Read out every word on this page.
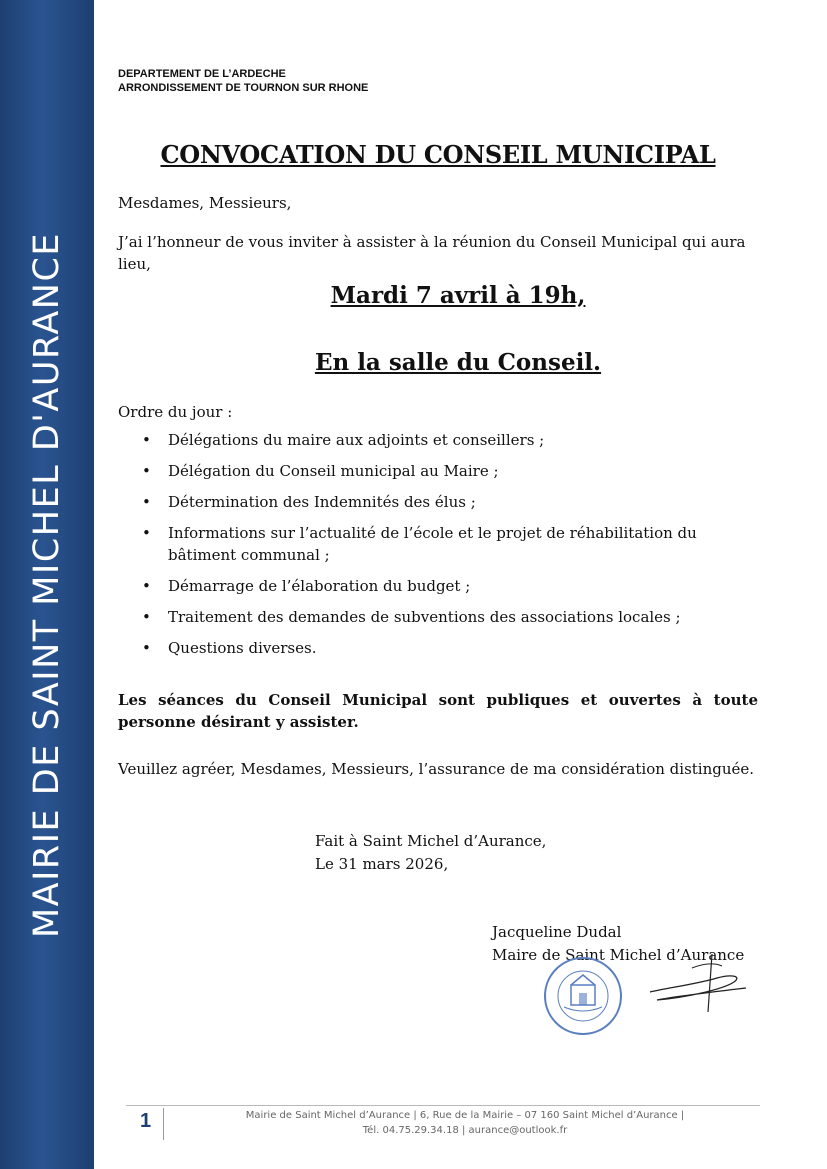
MAIRIE DE SAINT MICHEL D'AURANCE
DEPARTEMENT DE L’ARDECHE
ARRONDISSEMENT DE TOURNON SUR RHONE
CONVOCATION DU CONSEIL MUNICIPAL
Mesdames, Messieurs,
J’ai l’honneur de vous inviter à assister à la réunion du Conseil Municipal qui aura lieu,
Mardi 7 avril à 19h,
En la salle du Conseil.
Ordre du jour :
• Délégations du maire aux adjoints et conseillers ;
• Délégation du Conseil municipal au Maire ;
• Détermination des Indemnités des élus ;
• Informations sur l’actualité de l’école et le projet de réhabilitation du bâtiment communal ;
• Démarrage de l’élaboration du budget ;
• Traitement des demandes de subventions des associations locales ;
• Questions diverses.
Les séances du Conseil Municipal sont publiques et ouvertes à toute personne désirant y assister.
Veuillez agréer, Mesdames, Messieurs, l’assurance de ma considération distinguée.
Fait à Saint Michel d’Aurance,
Le 31 mars 2026,
Jacqueline Dudal
Maire de Saint Michel d’Aurance
1	Mairie de Saint Michel d’Aurance | 6, Rue de la Mairie – 07 160 Saint Michel d’Aurance |
Tél. 04.75.29.34.18 | aurance@outlook.fr
